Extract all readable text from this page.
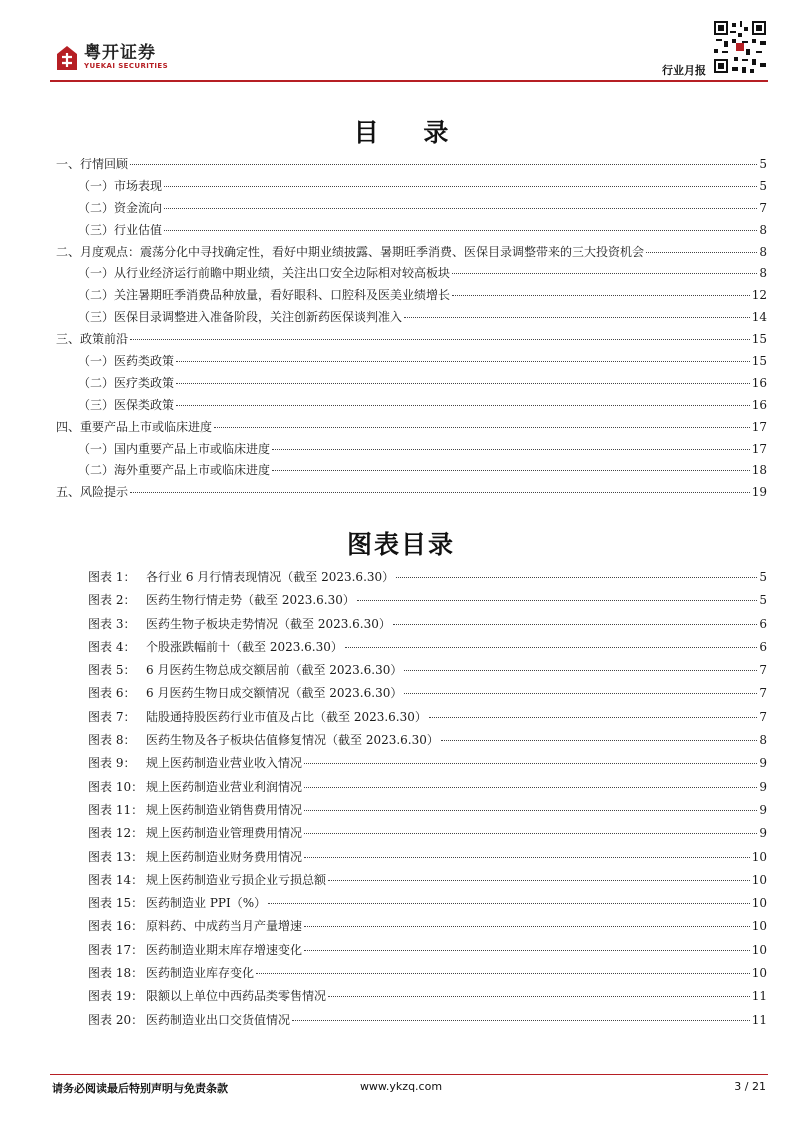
粤开证券
YUEKAI SECURITIES	行业月报
目 录
一、行情回顾	5
（一）市场表现	5
（二）资金流向	7
（三）行业估值	8
二、月度观点：震荡分化中寻找确定性，看好中期业绩披露、暑期旺季消费、医保目录调整带来的三大投资机会	8
（一）从行业经济运行前瞻中期业绩，关注出口安全边际相对较高板块	8
（二）关注暑期旺季消费品种放量，看好眼科、口腔科及医美业绩增长	12
（三）医保目录调整进入准备阶段，关注创新药医保谈判准入	14
三、政策前沿	15
（一）医药类政策	15
（二）医疗类政策	16
（三）医保类政策	16
四、重要产品上市或临床进度	17
（一）国内重要产品上市或临床进度	17
（二）海外重要产品上市或临床进度	18
五、风险提示	19
图表目录
图表 1： 各行业 6 月行情表现情况（截至 2023.6.30）	5
图表 2： 医药生物行情走势（截至 2023.6.30）	5
图表 3： 医药生物子板块走势情况（截至 2023.6.30）	6
图表 4： 个股涨跌幅前十（截至 2023.6.30）	6
图表 5： 6 月医药生物总成交额居前（截至 2023.6.30）	7
图表 6： 6 月医药生物日成交额情况（截至 2023.6.30）	7
图表 7： 陆股通持股医药行业市值及占比（截至 2023.6.30）	7
图表 8： 医药生物及各子板块估值修复情况（截至 2023.6.30）	8
图表 9： 规上医药制造业营业收入情况	9
图表 10： 规上医药制造业营业利润情况	9
图表 11： 规上医药制造业销售费用情况	9
图表 12： 规上医药制造业管理费用情况	9
图表 13： 规上医药制造业财务费用情况	10
图表 14： 规上医药制造业亏损企业亏损总额	10
图表 15： 医药制造业 PPI（%）	10
图表 16： 原料药、中成药当月产量增速	10
图表 17： 医药制造业期末库存增速变化	10
图表 18： 医药制造业库存变化	10
图表 19： 限额以上单位中西药品类零售情况	11
图表 20： 医药制造业出口交货值情况	11
请务必阅读最后特别声明与免责条款	www.ykzq.com	3 / 21
